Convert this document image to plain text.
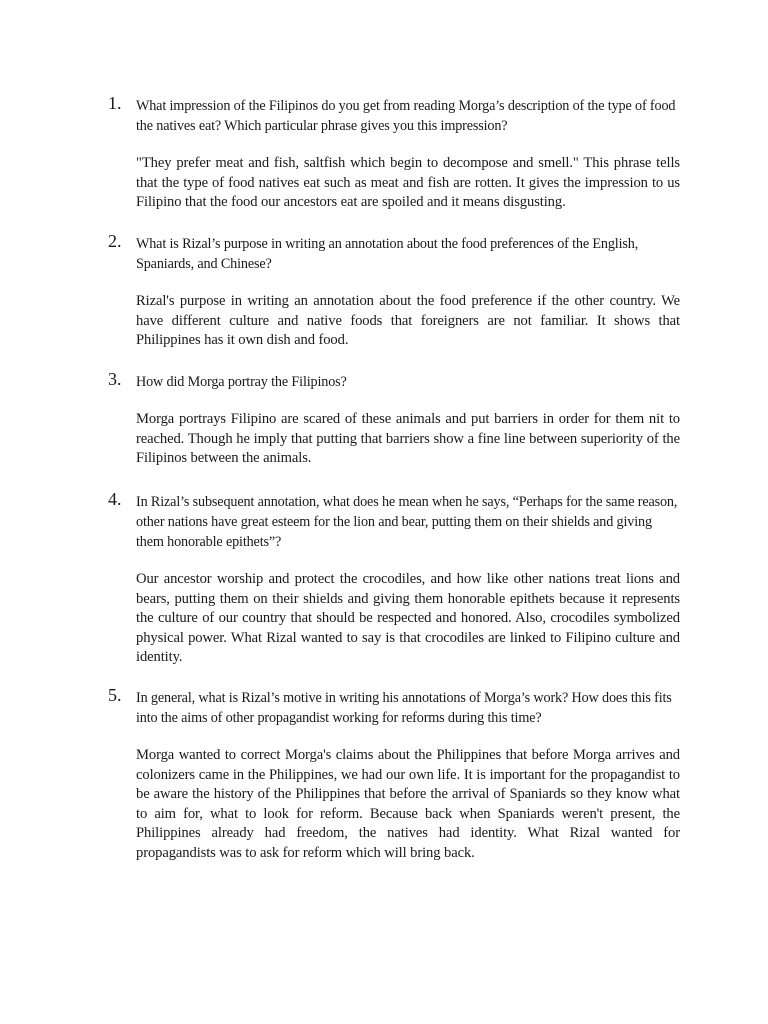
1.	What impression of the Filipinos do you get from reading Morga’s description of the type of food the natives eat? Which particular phrase gives you this impression?
"They prefer meat and fish, saltfish which begin to decompose and smell." This phrase tells that the type of food natives eat such as meat and fish are rotten. It gives the impression to us Filipino that the food our ancestors eat are spoiled and it means disgusting.
2.	What is Rizal’s purpose in writing an annotation about the food preferences of the English, Spaniards, and Chinese?
Rizal's purpose in writing an annotation about the food preference if the other country. We have different culture and native foods that foreigners are not familiar. It shows that Philippines has it own dish and food.
3.	How did Morga portray the Filipinos?
Morga portrays Filipino are scared of these animals and put barriers in order for them nit to reached. Though he imply that putting that barriers show a fine line between superiority of the Filipinos between the animals.
4.	In Rizal’s subsequent annotation, what does he mean when he says, “Perhaps for the same reason, other nations have great esteem for the lion and bear, putting them on their shields and giving them honorable epithets”?
Our ancestor worship and protect the crocodiles, and how like other nations treat lions and bears, putting them on their shields and giving them honorable epithets because it represents the culture of our country that should be respected and honored. Also, crocodiles symbolized physical power. What Rizal wanted to say is that crocodiles are linked to Filipino culture and identity.
5.	In general, what is Rizal’s motive in writing his annotations of Morga’s work? How does this fits into the aims of other propagandist working for reforms during this time?
Morga wanted to correct Morga's claims about the Philippines that before Morga arrives and colonizers came in the Philippines, we had our own life. It is important for the propagandist to be aware the history of the Philippines that before the arrival of Spaniards so they know what to aim for, what to look for reform. Because back when Spaniards weren't present, the Philippines already had freedom, the natives had identity. What Rizal wanted for propagandists was to ask for reform which will bring back.
